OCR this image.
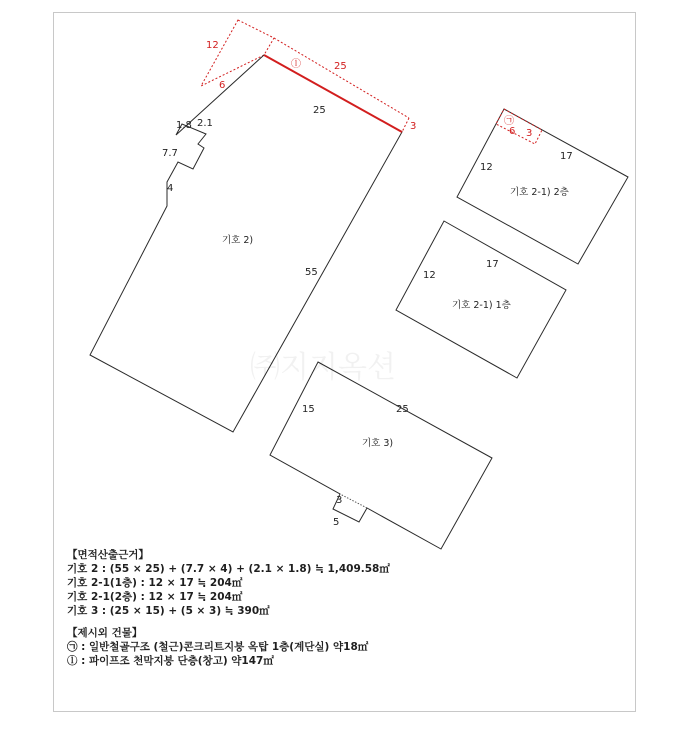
12
6
ⓛ	25
3
25
55
기호 2)
1.8 2.1
7.7
4
㉠
6 3
17
12
기호 2-1) 2층
17
12
기호 2-1) 1층
15	25
기호 3)
3
5
㈜지지옥션
【면적산출근거】
기호 2 : (55 × 25) + (7.7 × 4) + (2.1 × 1.8) ≒ 1,409.58㎡
기호 2-1(1층) : 12 × 17 ≒ 204㎡
기호 2-1(2층) : 12 × 17 ≒ 204㎡
기호 3 : (25 × 15) + (5 × 3) ≒ 390㎡
【제시외 건물】
㉠ : 일반철골구조 (철근)콘크리트지붕 옥탑 1층(계단실) 약18㎡
ⓛ : 파이프조 천막지붕 단층(창고) 약147㎡
